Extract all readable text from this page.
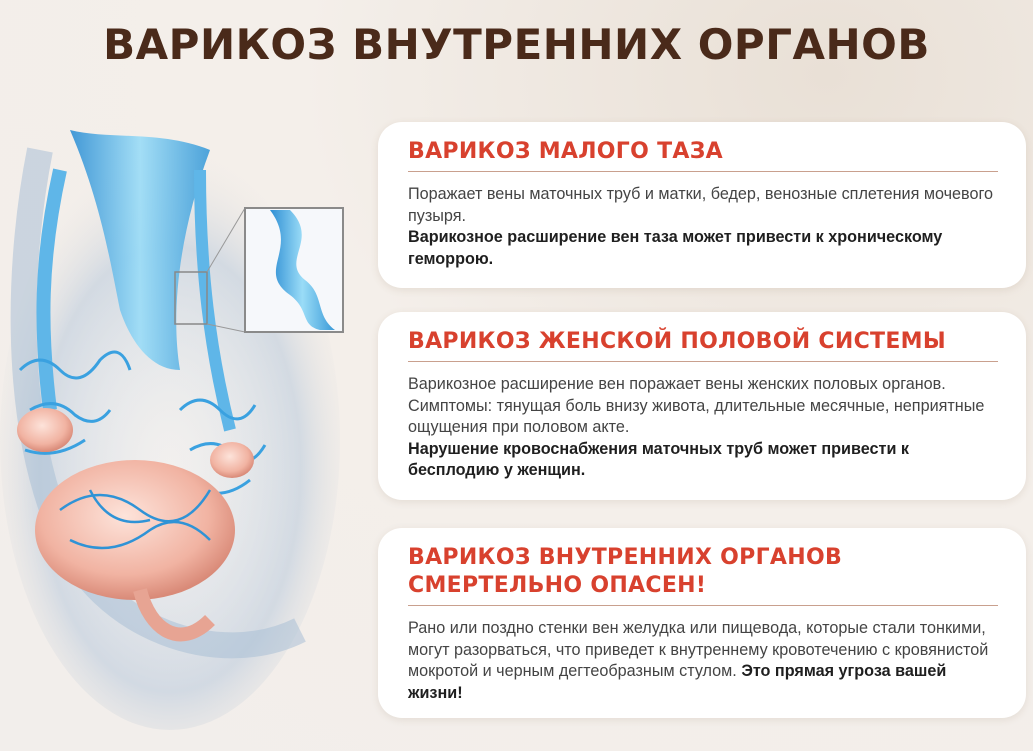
ВАРИКОЗ ВНУТРЕННИХ ОРГАНОВ
ВАРИКОЗ МАЛОГО ТАЗА
Поражает вены маточных труб и матки, бедер, венозные сплетения мочевого пузыря.
Варикозное расширение вен таза может привести к хроническому геморрою.
ВАРИКОЗ ЖЕНСКОЙ ПОЛОВОЙ СИСТЕМЫ
Варикозное расширение вен поражает вены женских половых органов. Симптомы: тянущая боль внизу живота, длительные месячные, неприятные ощущения при половом акте.
Нарушение кровоснабжения маточных труб может привести к бесплодию у женщин.
ВАРИКОЗ ВНУТРЕННИХ ОРГАНОВ СМЕРТЕЛЬНО ОПАСЕН!
Рано или поздно стенки вен желудка или пищевода, которые стали тонкими, могут разорваться, что приведет к внутреннему кровотечению с кровянистой мокротой и черным дегтеобразным стулом. Это прямая угроза вашей жизни!
